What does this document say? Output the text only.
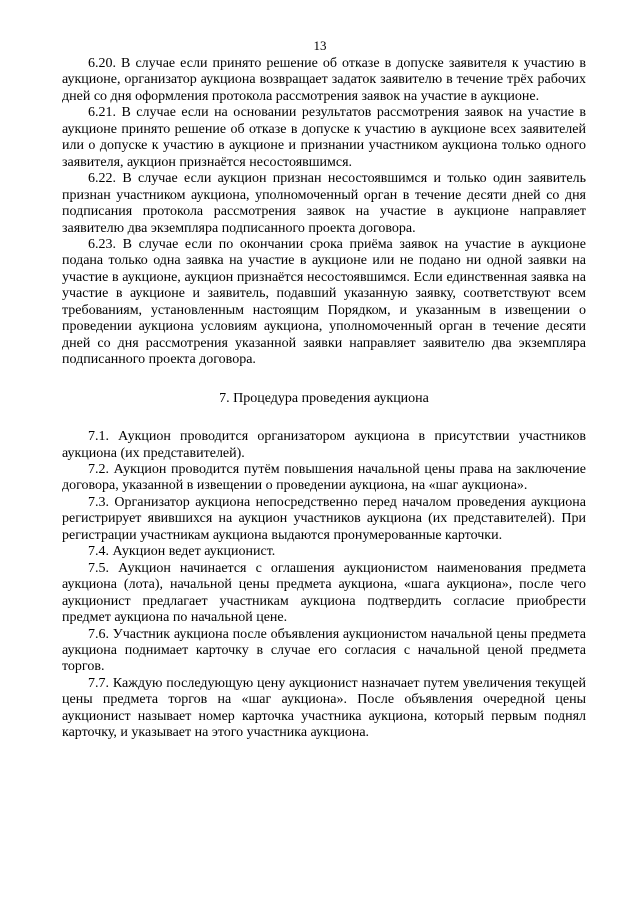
13

6.20. В случае если принято решение об отказе в допуске заявителя к участию в аукционе, организатор аукциона возвращает задаток заявителю в течение трёх рабочих дней со дня оформления протокола рассмотрения заявок на участие в аукционе.

6.21. В случае если на основании результатов рассмотрения заявок на участие в аукционе принято решение об отказе в допуске к участию в аукционе всех заявителей или о допуске к участию в аукционе и признании участником аукциона только одного заявителя, аукцион признаётся несостоявшимся.

6.22. В случае если аукцион признан несостоявшимся и только один заявитель признан участником аукциона, уполномоченный орган в течение десяти дней со дня подписания протокола рассмотрения заявок на участие в аукционе направляет заявителю два экземпляра подписанного проекта договора.

6.23. В случае если по окончании срока приёма заявок на участие в аукционе подана только одна заявка на участие в аукционе или не подано ни одной заявки на участие в аукционе, аукцион признаётся несостоявшимся. Если единственная заявка на участие в аукционе и заявитель, подавший указанную заявку, соответствуют всем требованиям, установленным настоящим Порядком, и указанным в извещении о проведении аукциона условиям аукциона, уполномоченный орган в течение десяти дней со дня рассмотрения указанной заявки направляет заявителю два экземпляра подписанного проекта договора.

7. Процедура проведения аукциона

7.1. Аукцион проводится организатором аукциона в присутствии участников аукциона (их представителей).

7.2. Аукцион проводится путём повышения начальной цены права на заключение договора, указанной в извещении о проведении аукциона, на «шаг аукциона».

7.3. Организатор аукциона непосредственно перед началом проведения аукциона регистрирует явившихся на аукцион участников аукциона (их представителей). При регистрации участникам аукциона выдаются пронумерованные карточки.

7.4. Аукцион ведет аукционист.

7.5. Аукцион начинается с оглашения аукционистом наименования предмета аукциона (лота), начальной цены предмета аукциона, «шага аукциона», после чего аукционист предлагает участникам аукциона подтвердить согласие приобрести предмет аукциона по начальной цене.

7.6. Участник аукциона после объявления аукционистом начальной цены предмета аукциона поднимает карточку в случае его согласия с начальной ценой предмета торгов.

7.7. Каждую последующую цену аукционист назначает путем увеличения текущей цены предмета торгов на «шаг аукциона». После объявления очередной цены аукционист называет номер карточка участника аукциона, который первым поднял карточку, и указывает на этого участника аукциона.
